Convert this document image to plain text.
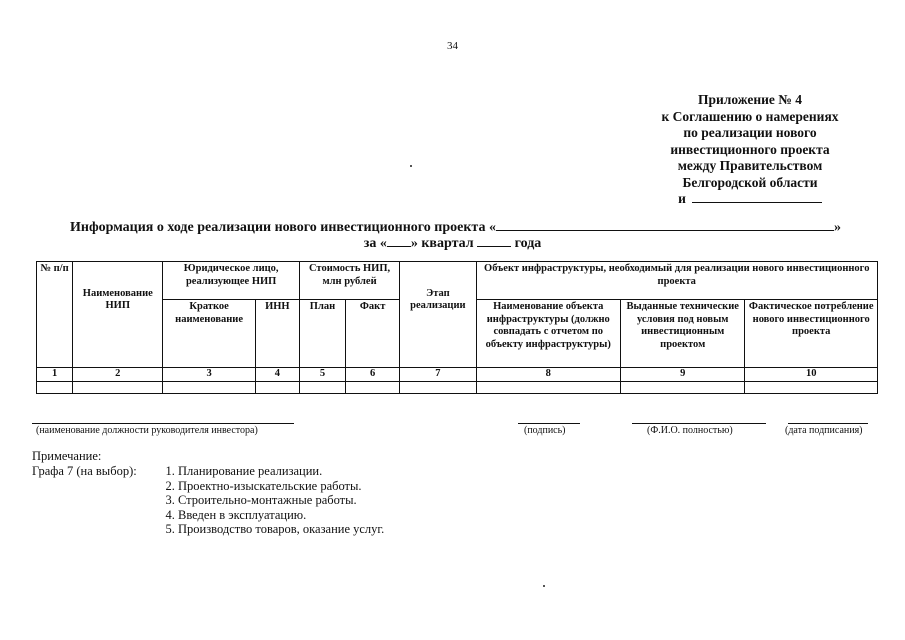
34
Приложение № 4
к Соглашению о намерениях
по реализации нового
инвестиционного проекта
между Правительством
Белгородской области
и
Информация о ходе реализации нового инвестиционного проекта «	»
за « » квартал	года
№ п/п	Наименование НИП	Юридическое лицо, реализующее НИП		Стоимость НИП, млн рублей		Этап реализации	Объект инфраструктуры, необходимый для реализации нового инвестиционного проекта		
		Краткое наименование	ИНН	План	Факт		Наименование объекта инфраструктуры (должно совпадать с отчетом по объекту инфраструктуры)	Выданные технические условия под новым инвестиционным проектом	Фактическое потребление нового инвестиционного проекта
1	2	3	4	5	6	7	8	9	10

(наименование должности руководителя инвестора)	(подпись)	(Ф.И.О. полностью)	(дата подписания)
Примечание:
Графа 7 (на выбор):	1. Планирование реализации.
2. Проектно-изыскательские работы.
3. Строительно-монтажные работы.
4. Введен в эксплуатацию.
5. Производство товаров, оказание услуг.
